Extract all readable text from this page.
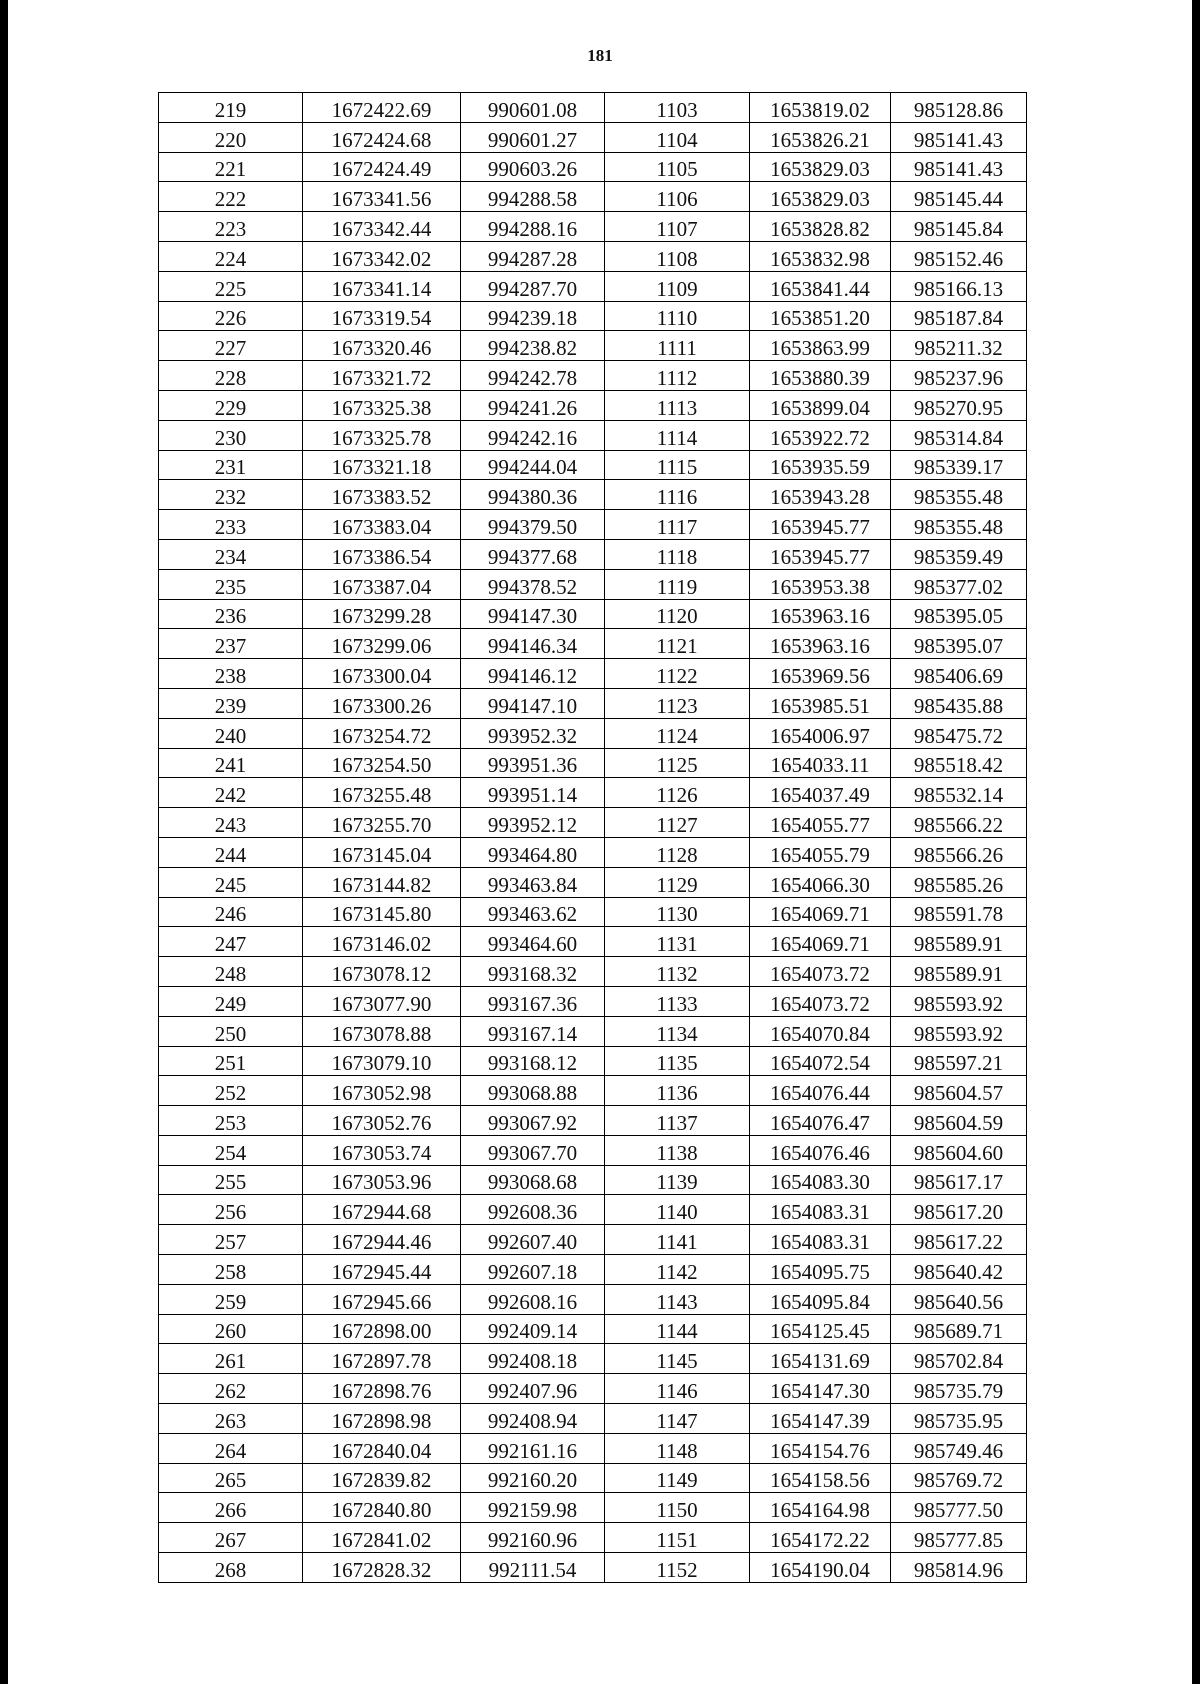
181
219	1672422.69	990601.08	1103	1653819.02	985128.86
220	1672424.68	990601.27	1104	1653826.21	985141.43
221	1672424.49	990603.26	1105	1653829.03	985141.43
222	1673341.56	994288.58	1106	1653829.03	985145.44
223	1673342.44	994288.16	1107	1653828.82	985145.84
224	1673342.02	994287.28	1108	1653832.98	985152.46
225	1673341.14	994287.70	1109	1653841.44	985166.13
226	1673319.54	994239.18	1110	1653851.20	985187.84
227	1673320.46	994238.82	1111	1653863.99	985211.32
228	1673321.72	994242.78	1112	1653880.39	985237.96
229	1673325.38	994241.26	1113	1653899.04	985270.95
230	1673325.78	994242.16	1114	1653922.72	985314.84
231	1673321.18	994244.04	1115	1653935.59	985339.17
232	1673383.52	994380.36	1116	1653943.28	985355.48
233	1673383.04	994379.50	1117	1653945.77	985355.48
234	1673386.54	994377.68	1118	1653945.77	985359.49
235	1673387.04	994378.52	1119	1653953.38	985377.02
236	1673299.28	994147.30	1120	1653963.16	985395.05
237	1673299.06	994146.34	1121	1653963.16	985395.07
238	1673300.04	994146.12	1122	1653969.56	985406.69
239	1673300.26	994147.10	1123	1653985.51	985435.88
240	1673254.72	993952.32	1124	1654006.97	985475.72
241	1673254.50	993951.36	1125	1654033.11	985518.42
242	1673255.48	993951.14	1126	1654037.49	985532.14
243	1673255.70	993952.12	1127	1654055.77	985566.22
244	1673145.04	993464.80	1128	1654055.79	985566.26
245	1673144.82	993463.84	1129	1654066.30	985585.26
246	1673145.80	993463.62	1130	1654069.71	985591.78
247	1673146.02	993464.60	1131	1654069.71	985589.91
248	1673078.12	993168.32	1132	1654073.72	985589.91
249	1673077.90	993167.36	1133	1654073.72	985593.92
250	1673078.88	993167.14	1134	1654070.84	985593.92
251	1673079.10	993168.12	1135	1654072.54	985597.21
252	1673052.98	993068.88	1136	1654076.44	985604.57
253	1673052.76	993067.92	1137	1654076.47	985604.59
254	1673053.74	993067.70	1138	1654076.46	985604.60
255	1673053.96	993068.68	1139	1654083.30	985617.17
256	1672944.68	992608.36	1140	1654083.31	985617.20
257	1672944.46	992607.40	1141	1654083.31	985617.22
258	1672945.44	992607.18	1142	1654095.75	985640.42
259	1672945.66	992608.16	1143	1654095.84	985640.56
260	1672898.00	992409.14	1144	1654125.45	985689.71
261	1672897.78	992408.18	1145	1654131.69	985702.84
262	1672898.76	992407.96	1146	1654147.30	985735.79
263	1672898.98	992408.94	1147	1654147.39	985735.95
264	1672840.04	992161.16	1148	1654154.76	985749.46
265	1672839.82	992160.20	1149	1654158.56	985769.72
266	1672840.80	992159.98	1150	1654164.98	985777.50
267	1672841.02	992160.96	1151	1654172.22	985777.85
268	1672828.32	992111.54	1152	1654190.04	985814.96
